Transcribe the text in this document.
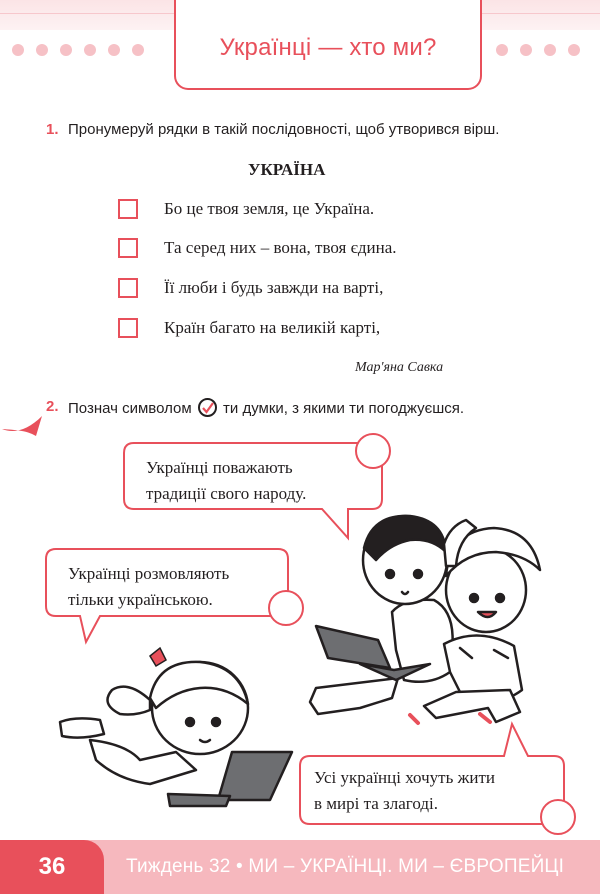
Українці — хто ми?
1. Пронумеруй рядки в такій послідовності, щоб утворився вірш.
УКРАЇНА
Бо це твоя земля, це Україна.
Та серед них – вона, твоя єдина.
Її люби і будь завжди на варті,
Країн багато на великій карті,
Мар'яна Савка
2. Познач символом ти думки, з якими ти погоджуєшся.
Українці поважають
традиції свого народу.
Українці розмовляють
тільки українською.
Усі українці хочуть жити
в мирі та злагоді.
36	Тиждень 32 • МИ – УКРАЇНЦІ. МИ – ЄВРОПЕЙЦІ
